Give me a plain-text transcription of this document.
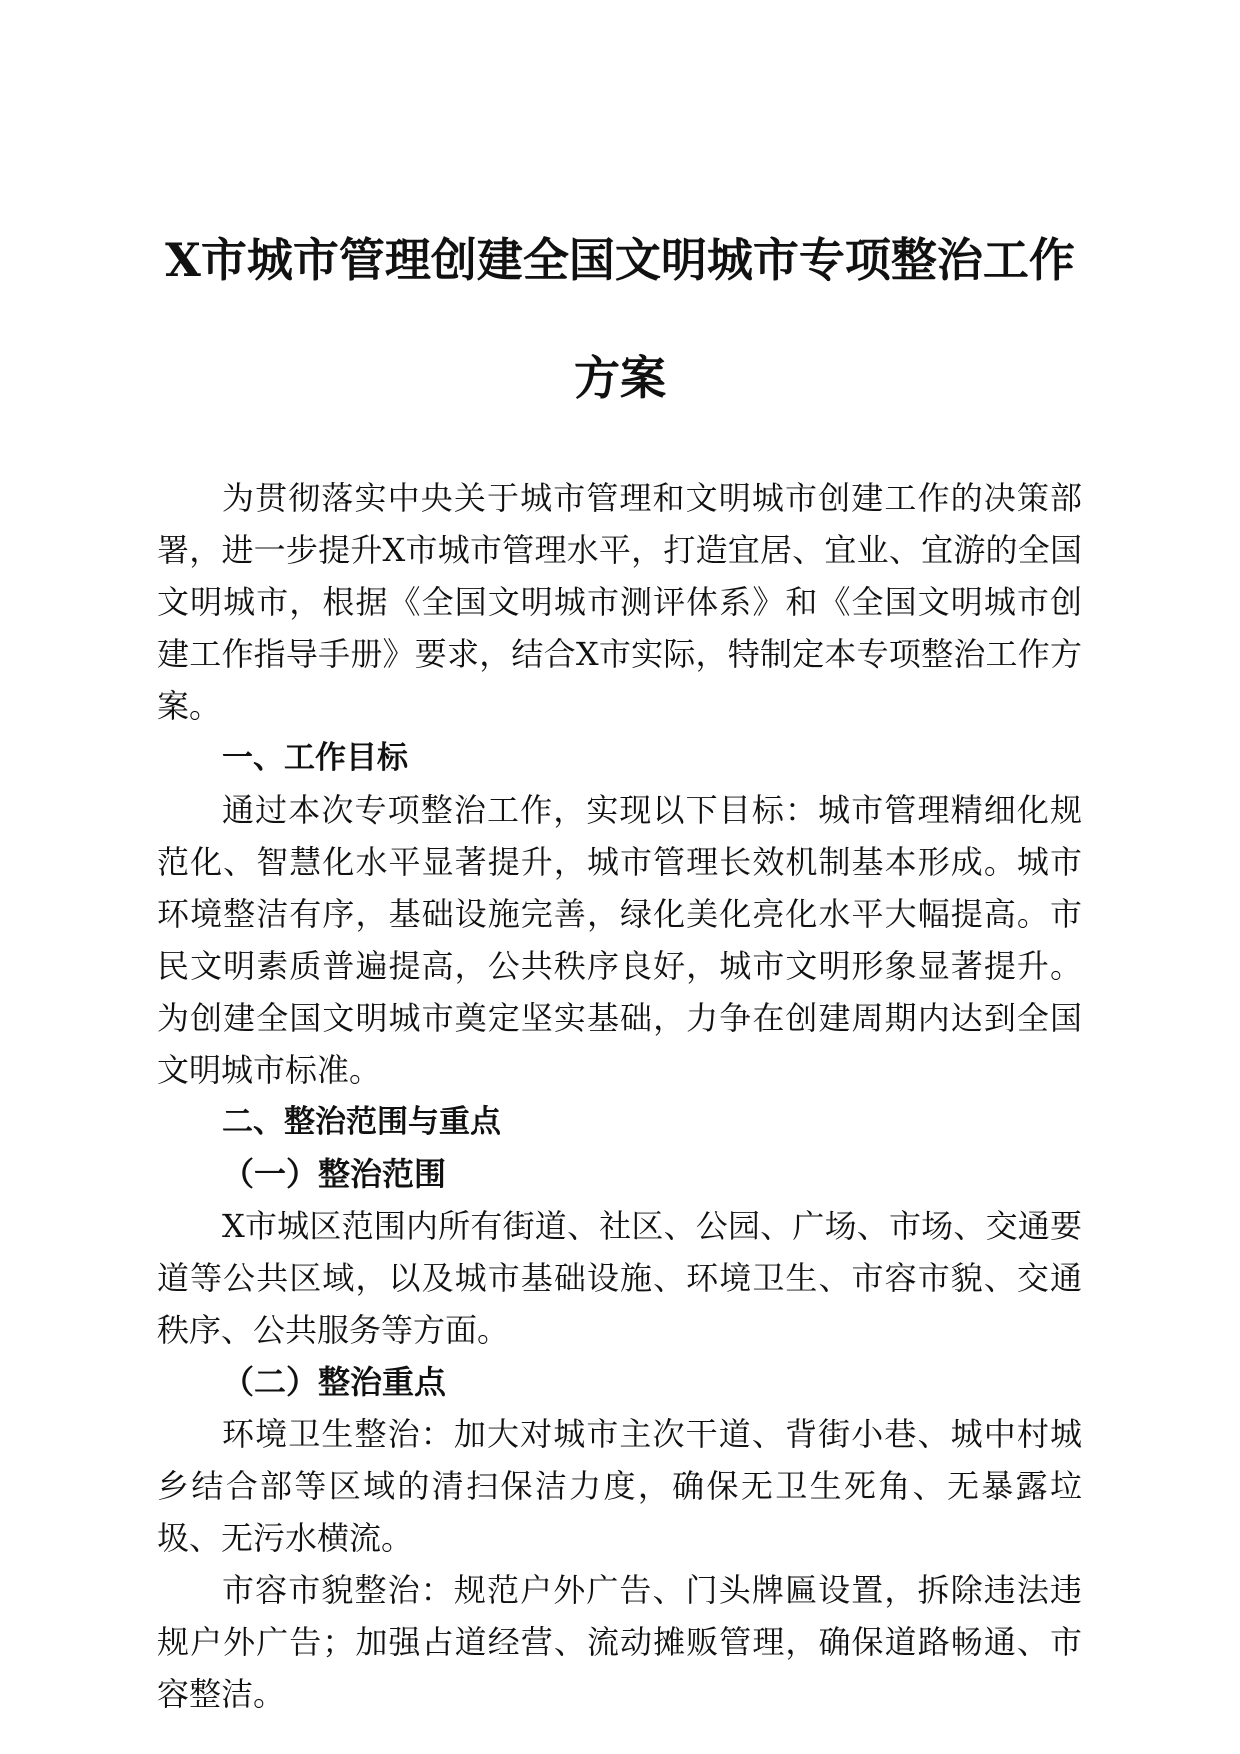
X市城市管理创建全国文明城市专项整治工作
方案

为贯彻落实中央关于城市管理和文明城市创建工作的决策部署，进一步提升X市城市管理水平，打造宜居、宜业、宜游的全国文明城市，根据《全国文明城市测评体系》和《全国文明城市创建工作指导手册》要求，结合X市实际，特制定本专项整治工作方案。

一、工作目标

通过本次专项整治工作，实现以下目标：城市管理精细化规范化、智慧化水平显著提升，城市管理长效机制基本形成。城市环境整洁有序，基础设施完善，绿化美化亮化水平大幅提高。市民文明素质普遍提高，公共秩序良好，城市文明形象显著提升。为创建全国文明城市奠定坚实基础，力争在创建周期内达到全国文明城市标准。

二、整治范围与重点
（一）整治范围

X市城区范围内所有街道、社区、公园、广场、市场、交通要道等公共区域，以及城市基础设施、环境卫生、市容市貌、交通秩序、公共服务等方面。

（二）整治重点

环境卫生整治：加大对城市主次干道、背街小巷、城中村城乡结合部等区域的清扫保洁力度，确保无卫生死角、无暴露垃圾、无污水横流。

市容市貌整治：规范户外广告、门头牌匾设置，拆除违法违规户外广告；加强占道经营、流动摊贩管理，确保道路畅通、市容整洁。
